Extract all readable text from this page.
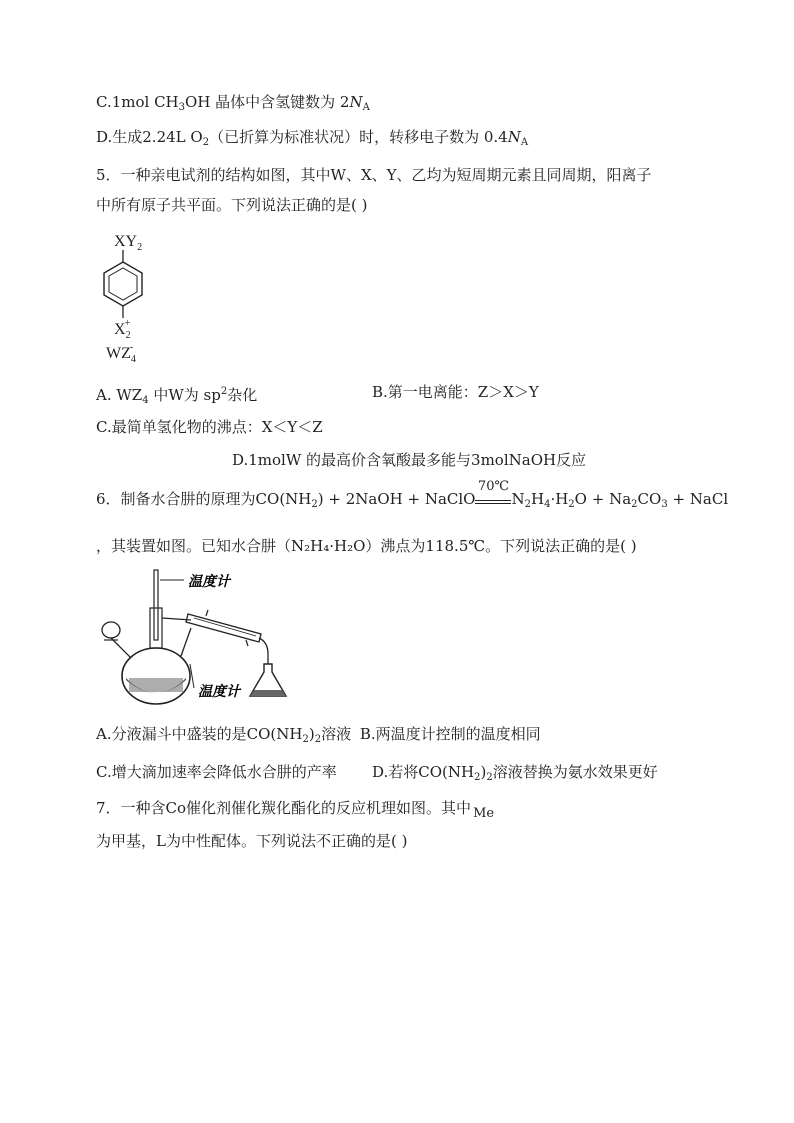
C.1mol $CH_3OH$ 晶体中含氢键数为 $2N_A$
D.生成2.24L $O_2$（已折算为标准状况）时，转移电子数为 $0.4N_A$
5．一种亲电试剂的结构如图，其中W、X、Y、乙均为短周期元素且同周期，阳离子
中所有原子共平面。下列说法正确的是( )
$XY_2$
$X_2+$
$WZ_4-$
A. $WZ_4$ 中W为 $sp^2$杂化	B.第一电离能：Z＞X＞Y
C.最简单氢化物的沸点：X＜Y＜Z
D.1molW 的最高价含氧酸最多能与3molNaOH反应
6．制备水合肼的原理为$CO(NH_2)$ + 2NaOH + NaClO
70℃
$N_2H_4\cdot H_2O + Na_2CO_3$ + NaCl
，其装置如图。已知水合肼（N₂H₄·H₂O）沸点为118.5℃。下列说法正确的是( )
温度计
温度计
A.分液漏斗中盛装的是$CO(NH_2)_2$溶液 B.两温度计控制的温度相同
C.增大滴加速率会降低水合肼的产率 D.若将$CO(NH_2)_2$溶液替换为氨水效果更好
7．一种含Co催化剂催化羰化酯化的反应机理如图。其中 Me
为甲基，L为中性配体。下列说法不正确的是( )
